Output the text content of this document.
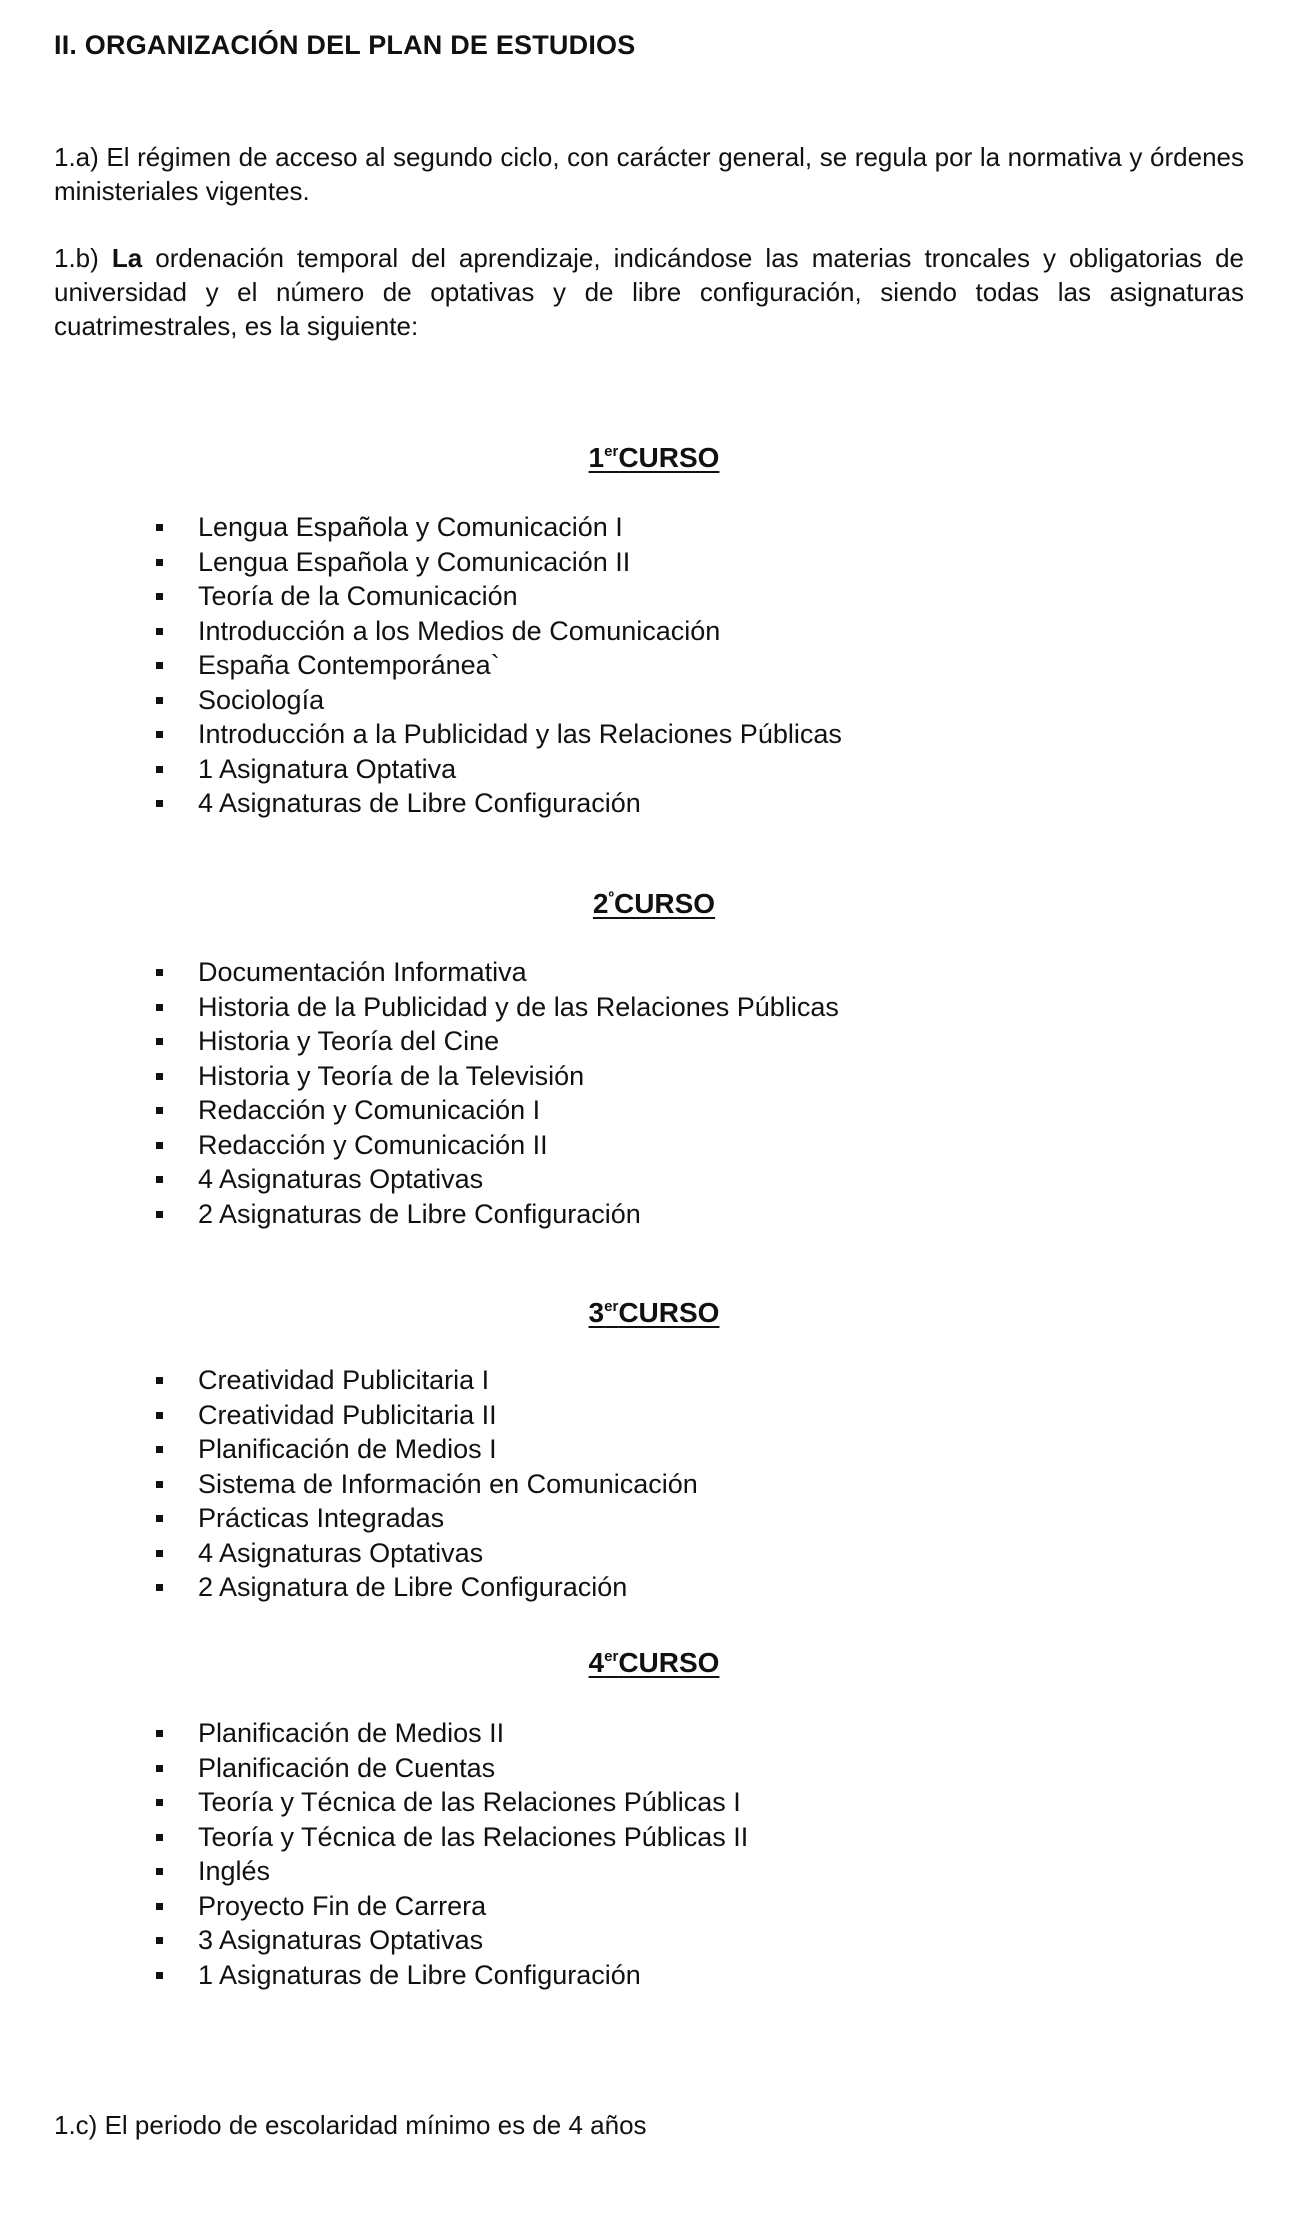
II. ORGANIZACIÓN DEL PLAN DE ESTUDIOS
1.a) El régimen de acceso al segundo ciclo, con carácter general, se regula por la normativa y órdenes ministeriales vigentes.
1.b) La ordenación temporal del aprendizaje, indicándose las materias troncales y obligatorias de universidad y el número de optativas y de libre configuración, siendo todas las asignaturas cuatrimestrales, es la siguiente:
1erCURSO
Lengua Española y Comunicación I
Lengua Española y Comunicación II
Teoría de la Comunicación
Introducción a los Medios de Comunicación
España Contemporánea`
Sociología
Introducción a la Publicidad y las Relaciones Públicas
1 Asignatura Optativa
4 Asignaturas de Libre Configuración
$2^ºCURSO$
Documentación Informativa
Historia de la Publicidad y de las Relaciones Públicas
Historia y Teoría del Cine
Historia y Teoría de la Televisión
Redacción y Comunicación I
Redacción y Comunicación II
4 Asignaturas Optativas
2 Asignaturas de Libre Configuración
3erCURSO
Creatividad Publicitaria I
Creatividad Publicitaria II
Planificación de Medios I
Sistema de Información en Comunicación
Prácticas Integradas
4 Asignaturas Optativas
2 Asignatura de Libre Configuración
4erCURSO
Planificación de Medios II
Planificación de Cuentas
Teoría y Técnica de las Relaciones Públicas I
Teoría y Técnica de las Relaciones Públicas II
Inglés
Proyecto Fin de Carrera
3 Asignaturas Optativas
1 Asignaturas de Libre Configuración
1.c) El periodo de escolaridad mínimo es de 4 años
